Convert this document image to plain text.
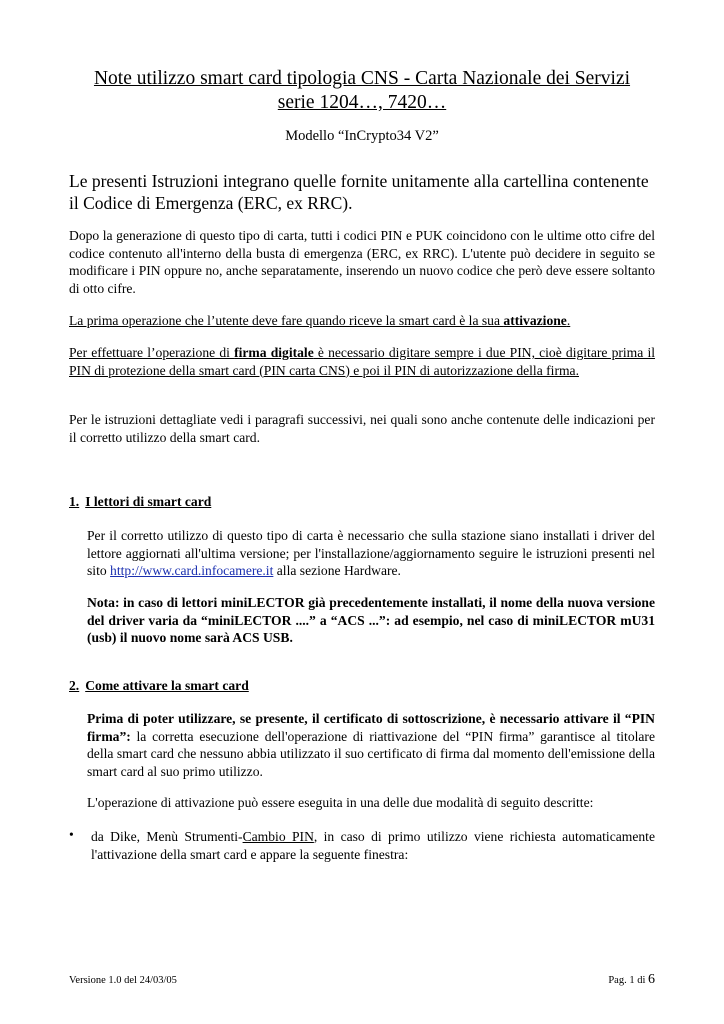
Note utilizzo smart card tipologia CNS - Carta Nazionale dei Servizi
serie 1204…, 7420…
Modello “InCrypto34 V2”
Le presenti Istruzioni integrano quelle fornite unitamente alla cartellina contenente il Codice di Emergenza (ERC, ex RRC).
Dopo la generazione di questo tipo di carta, tutti i codici PIN e PUK coincidono con le ultime otto cifre del codice contenuto all'interno della busta di emergenza (ERC, ex RRC). L'utente può decidere in seguito se modificare i PIN oppure no, anche separatamente, inserendo un nuovo codice che però deve essere soltanto di otto cifre.
La prima operazione che l’utente deve fare quando riceve la smart card è la sua attivazione.
Per effettuare l’operazione di firma digitale è necessario digitare sempre i due PIN, cioè digitare prima il PIN di protezione della smart card (PIN carta CNS) e poi il PIN di autorizzazione della firma.
Per le istruzioni dettagliate vedi i paragrafi successivi, nei quali sono anche contenute delle indicazioni per il corretto utilizzo della smart card.
1. I lettori di smart card
Per il corretto utilizzo di questo tipo di carta è necessario che sulla stazione siano installati i driver del lettore aggiornati all'ultima versione; per l'installazione/aggiornamento seguire le istruzioni presenti nel sito http://www.card.infocamere.it alla sezione Hardware.
Nota: in caso di lettori miniLECTOR già precedentemente installati, il nome della nuova versione del driver varia da “miniLECTOR ....” a “ACS ...”: ad esempio, nel caso di miniLECTOR mU31 (usb) il nuovo nome sarà ACS USB.
2. Come attivare la smart card
Prima di poter utilizzare, se presente, il certificato di sottoscrizione, è necessario attivare il “PIN firma”: la corretta esecuzione dell'operazione di riattivazione del “PIN firma” garantisce al titolare della smart card che nessuno abbia utilizzato il suo certificato di firma dal momento dell'emissione della smart card al suo primo utilizzo.
L'operazione di attivazione può essere eseguita in una delle due modalità di seguito descritte:
• da Dike, Menù Strumenti-Cambio PIN, in caso di primo utilizzo viene richiesta automaticamente l'attivazione della smart card e appare la seguente finestra:
Versione 1.0 del 24/03/05	Pag. 1 di 6
